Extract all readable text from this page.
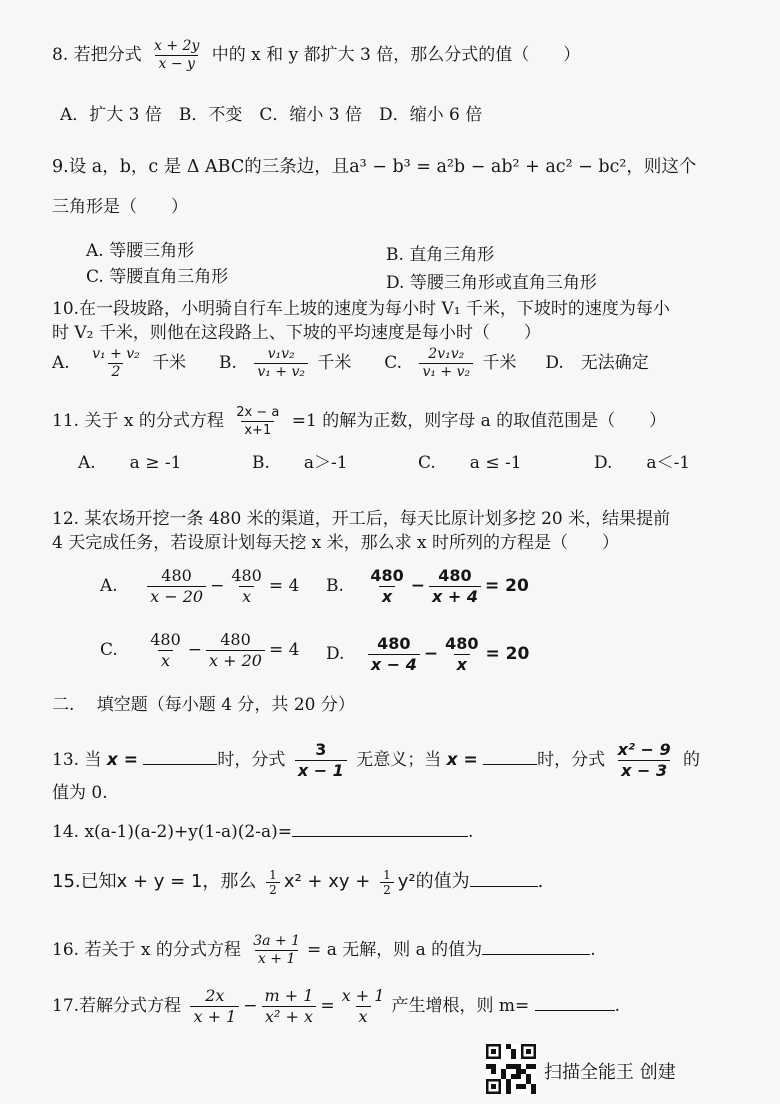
8. 若把分式 $\frac{x + 2y}{x - y}$ 中的 x 和 y 都扩大 3 倍，那么分式的值（　　）
A．扩大 3 倍　B．不变　C．缩小 3 倍　D．缩小 6 倍
9.设 a，b，c 是 Δ ABC的三条边，且a³ − b³ = a²b − ab² + ac² − bc²，则这个
三角形是（　　）
A. 等腰三角形	B. 直角三角形
C. 等腰直角三角形	D. 等腰三角形或直角三角形
10.在一段坡路，小明骑自行车上坡的速度为每小时 V₁ 千米，下坡时的速度为每小
时 V₂ 千米，则他在这段路上、下坡的平均速度是每小时（　　）
A. $\frac{\text{v₁ + v₂}}{2}$ 千米 B. $\frac{\text{v₁v₂}}{\text{v₁ + v₂}}$ 千米 C. $\frac{\text{2v₁v₂}}{\text{v₁ + v₂}}$ 千米 D.　无法确定
11. 关于 x 的分式方程 $\frac{2x - a}{x+1} =1$ 的解为正数，则字母 a 的取值范围是（　　）
A.　　a ≥ -1	B.　　a＞-1	C.　　a ≤ -1	D.　　a＜-1
12. 某农场开挖一条 480 米的渠道，开工后，每天比原计划多挖 20 米，结果提前
4 天完成任务，若设原计划每天挖 x 米，那么求 x 时所列的方程是（　　）
A. $\frac{480}{x - 20} - \frac{480}{x} = 4$ B. $\frac{480}{x} - \frac{480}{x + 4} = 20$
C. $\frac{480}{x} - \frac{480}{x + 20} = 4$ D. $\frac{480}{x - 4} - \frac{480}{x} = 20$
二.　 填空题（每小题 4 分，共 20 分）
13. 当 x =	时，分式 $\frac{3}{x - 1}$ 无意义；当 x =	时，分式 $\frac{\text{x² − 9}}{x - 3}$ 的
值为 0.
14. x(a-1)(a-2)+y(1-a)(2-a)=	.
15.已知x + y = 1，那么 $\frac{1}{2} x^2$ + xy + $\frac{1}{2} y^2$的值为	.
16. 若关于 x 的分式方程 $\frac{3a + 1}{x + 1} = a$ 无解，则 a 的值为	.
17.若解分式方程 $\frac{2x}{x + 1} - \frac{m + 1}{\text{x² + x}} = \frac{x + 1}{x}$ 产生增根，则 m=	.
扫描全能王 创建
